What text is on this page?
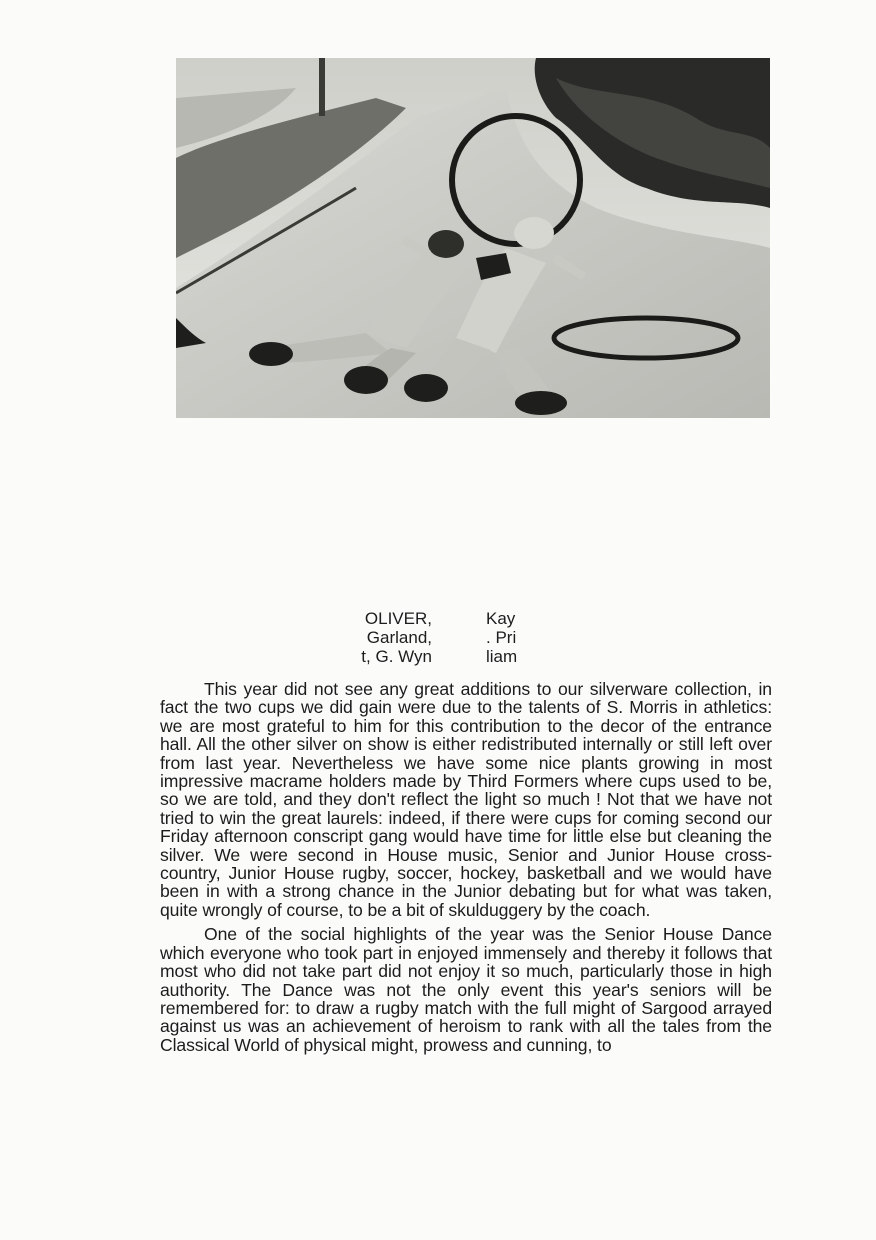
OLIVER,
Garland,
t, G. Wyn
Kay
. Pri
liam

This year did not see any great additions to our silverware collection, in fact the two cups we did gain were due to the talents of S. Morris in athletics: we are most grateful to him for this contribution to the decor of the entrance hall. All the other silver on show is either redistributed internally or still left over from last year. Nevertheless we have some nice plants growing in most impressive macrame holders made by Third Formers where cups used to be, so we are told, and they don't reflect the light so much ! Not that we have not tried to win the great laurels: indeed, if there were cups for coming second our Friday afternoon conscript gang would have time for little else but cleaning the silver. We were second in House music, Senior and Junior House cross-country, Junior House rugby, soccer, hockey, basketball and we would have been in with a strong chance in the Junior debating but for what was taken, quite wrongly of course, to be a bit of skulduggery by the coach.

One of the social highlights of the year was the Senior House Dance which everyone who took part in enjoyed immensely and thereby it follows that most who did not take part did not enjoy it so much, particularly those in high authority. The Dance was not the only event this year's seniors will be remembered for: to draw a rugby match with the full might of Sargood arrayed against us was an achievement of heroism to rank with all the tales from the Classical World of physical might, prowess and cunning, to
